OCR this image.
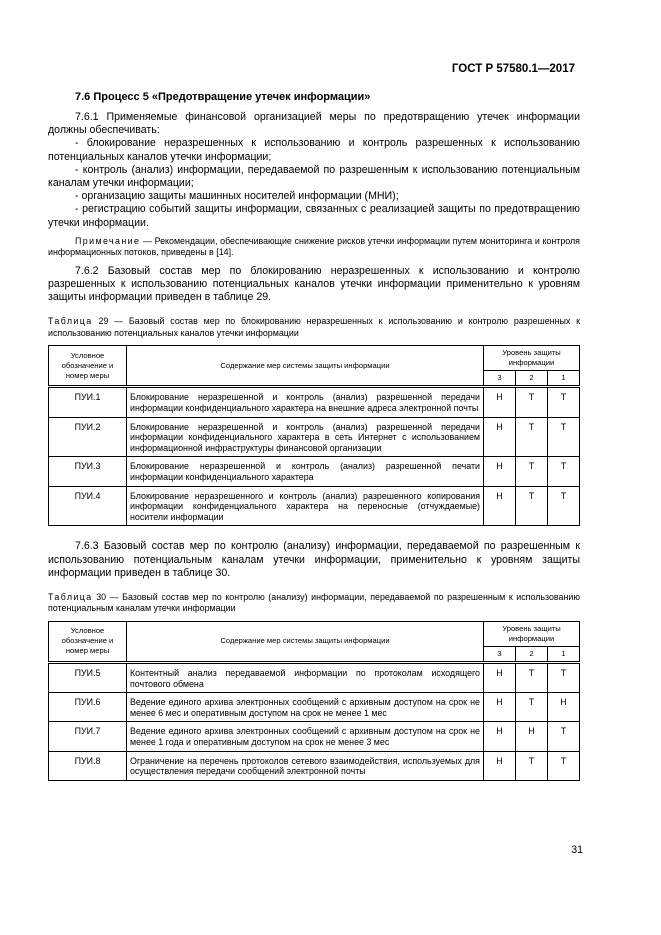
ГОСТ Р 57580.1—2017
7.6 Процесс 5 «Предотвращение утечек информации»

7.6.1 Применяемые финансовой организацией меры по предотвращению утечек информации должны обеспечивать:

- блокирование неразрешенных к использованию и контроль разрешенных к использованию потенциальных каналов утечки информации;

- контроль (анализ) информации, передаваемой по разрешенным к использованию потенциальным каналам утечки информации;

- организацию защиты машинных носителей информации (МНИ);

- регистрацию событий защиты информации, связанных с реализацией защиты по предотвращению утечки информации.

Примечание — Рекомендации, обеспечивающие снижение рисков утечки информации путем мониторинга и контроля информационных потоков, приведены в [14].

7.6.2 Базовый состав мер по блокированию неразрешенных к использованию и контролю разрешенных к использованию потенциальных каналов утечки информации применительно к уровням защиты информации приведен в таблице 29.

Таблица 29 — Базовый состав мер по блокированию неразрешенных к использованию и контролю разрешенных к использованию потенциальных каналов утечки информации
Условное обозначение и номер меры	Содержание мер системы защиты информации	Уровень защиты информации		
		3	2	1
ПУИ.1	Блокирование неразрешенной и контроль (анализ) разрешенной передачи информации конфиденциального характера на внешние адреса электронной почты	Н	Т	Т
ПУИ.2	Блокирование неразрешенной и контроль (анализ) разрешенной передачи информации конфиденциального характера в сеть Интернет с использованием информационной инфраструктуры финансовой организации	Н	Т	Т
ПУИ.3	Блокирование неразрешенной и контроль (анализ) разрешенной печати информации конфиденциального характера	Н	Т	Т
ПУИ.4	Блокирование неразрешенного и контроль (анализ) разрешенного копирования информации конфиденциального характера на переносные (отчуждаемые) носители информации	Н	Т	Т

7.6.3 Базовый состав мер по контролю (анализу) информации, передаваемой по разрешенным к использованию потенциальным каналам утечки информации, применительно к уровням защиты информации приведен в таблице 30.

Таблица 30 — Базовый состав мер по контролю (анализу) информации, передаваемой по разрешенным к использованию потенциальным каналам утечки информации
Условное обозначение и номер меры	Содержание мер системы защиты информации	Уровень защиты информации		
		3	2	1
ПУИ.5	Контентный анализ передаваемой информации по протоколам исходящего почтового обмена	Н	Т	Т
ПУИ.6	Ведение единого архива электронных сообщений с архивным доступом на срок не менее 6 мес и оперативным доступом на срок не менее 1 мес	Н	Т	Н
ПУИ.7	Ведение единого архива электронных сообщений с архивным доступом на срок не менее 1 года и оперативным доступом на срок не менее 3 мес	Н	Н	Т
ПУИ.8	Ограничение на перечень протоколов сетевого взаимодействия, используемых для осуществления передачи сообщений электронной почты	Н	Т	Т
31
